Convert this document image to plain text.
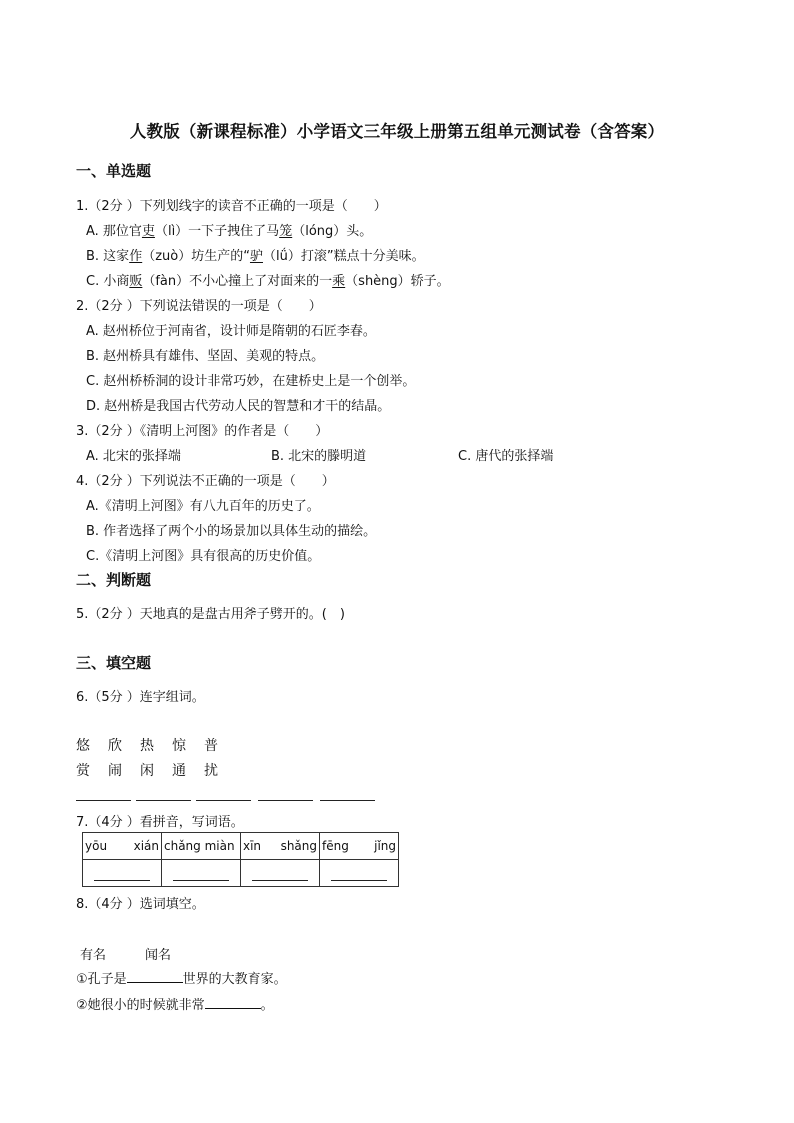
人教版（新课程标准）小学语文三年级上册第五组单元测试卷（含答案）
一、单选题
1.（2分 ）下列划线字的读音不正确的一项是（　　）
A. 那位官吏（lì）一下子拽住了马笼（lóng）头。
B. 这家作（zuò）坊生产的“驴（lǘ）打滚”糕点十分美味。
C. 小商贩（fàn）不小心撞上了对面来的一乘（shèng）轿子。
2.（2分 ）下列说法错误的一项是（　　）
A. 赵州桥位于河南省，设计师是隋朝的石匠李春。
B. 赵州桥具有雄伟、坚固、美观的特点。
C. 赵州桥桥洞的设计非常巧妙，在建桥史上是一个创举。
D. 赵州桥是我国古代劳动人民的智慧和才干的结晶。
3.（2分 ）《清明上河图》的作者是（　　）
A. 北宋的张择端	B. 北宋的滕明道	C. 唐代的张择端
4.（2分 ）下列说法不正确的一项是（　　）
A.《清明上河图》有八九百年的历史了。
B. 作者选择了两个小的场景加以具体生动的描绘。
C.《清明上河图》具有很高的历史价值。
二、判断题
5.（2分 ）天地真的是盘古用斧子劈开的。(　)
三、填空题
6.（5分 ）连字组词。
悠　欣　热　惊　普
赏　闹　闲　通　扰
7.（4分 ）看拼音，写词语。
yōu xián	chǎng miàn	xīn shǎng	fēng jǐng

8.（4分 ）选词填空。
有名　　　闻名
①孔子是	世界的大教育家。
②她很小的时候就非常	。
